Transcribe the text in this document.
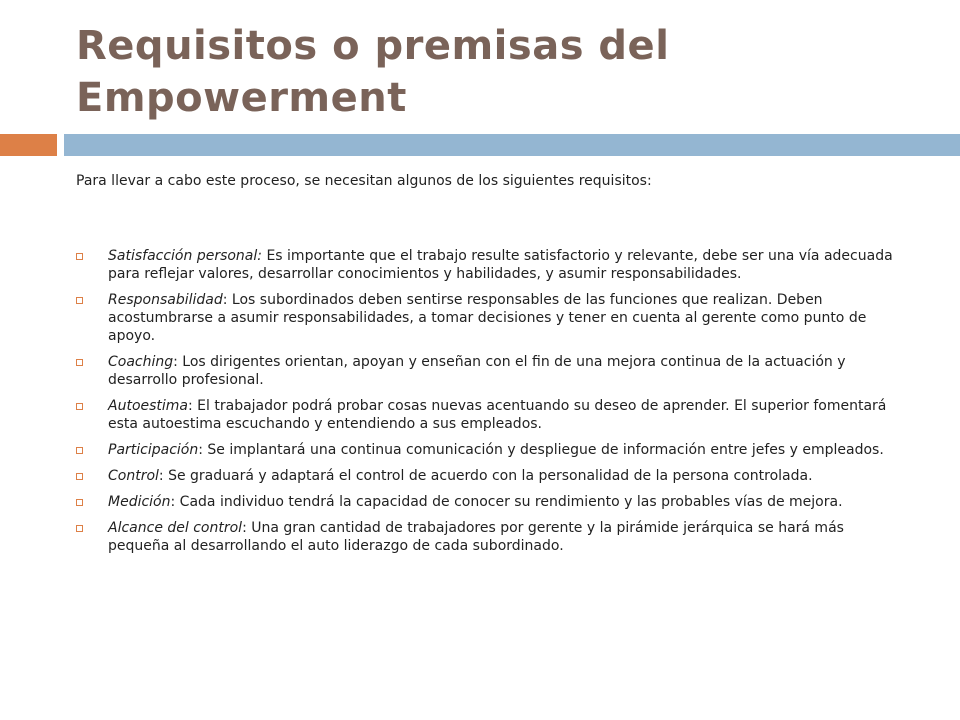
Requisitos o premisas del Empowerment

Para llevar a cabo este proceso, se necesitan algunos de los siguientes requisitos:

Satisfacción personal: Es importante que el trabajo resulte satisfactorio y relevante, debe ser una vía adecuada para reflejar valores, desarrollar conocimientos y habilidades, y asumir responsabilidades.
Responsabilidad: Los subordinados deben sentirse responsables de las funciones que realizan. Deben acostumbrarse a asumir responsabilidades, a tomar decisiones y tener en cuenta al gerente como punto de apoyo.
Coaching: Los dirigentes orientan, apoyan y enseñan con el fin de una mejora continua de la actuación y desarrollo profesional.
Autoestima: El trabajador podrá probar cosas nuevas acentuando su deseo de aprender. El superior fomentará esta autoestima escuchando y entendiendo a sus empleados.
Participación: Se implantará una continua comunicación y despliegue de información entre jefes y empleados.
Control: Se graduará y adaptará el control de acuerdo con la personalidad de la persona controlada.
Medición: Cada individuo tendrá la capacidad de conocer su rendimiento y las probables vías de mejora.
Alcance del control: Una gran cantidad de trabajadores por gerente y la pirámide jerárquica se hará más pequeña al desarrollando el auto liderazgo de cada subordinado.
